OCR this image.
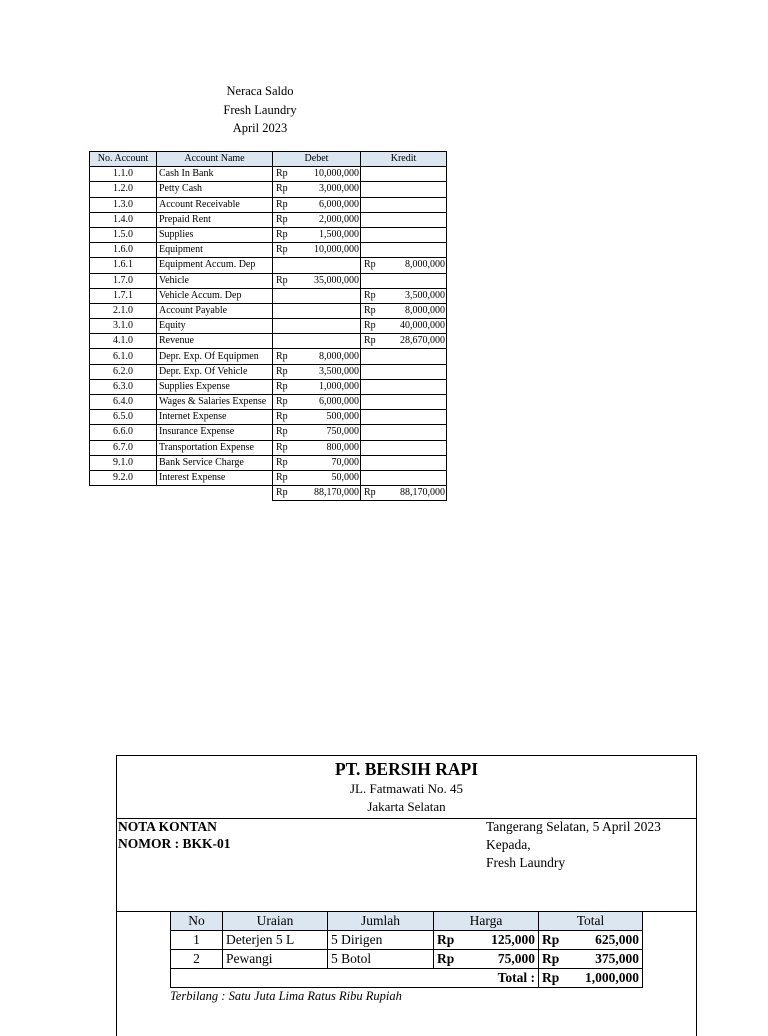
Neraca Saldo
Fresh Laundry
April 2023
No. Account	Account Name	Debet	Kredit
1.1.0	Cash In Bank	Rp 10,000,000	

1.2.0	Petty Cash	Rp 3,000,000	

1.3.0	Account Receivable	Rp 6,000,000	

1.4.0	Prepaid Rent	Rp 2,000,000	

1.5.0	Supplies	Rp 1,500,000	

1.6.0	Equipment	Rp 10,000,000	

1.6.1	Equipment Accum. Dep		Rp 8,000,000

1.7.0	Vehicle	Rp 35,000,000	

1.7.1	Vehicle Accum. Dep		Rp 3,500,000

2.1.0	Account Payable		Rp 8,000,000

3.1.0	Equity		Rp 40,000,000

4.1.0	Revenue		Rp 28,670,000

6.1.0	Depr. Exp. Of Equipmen	Rp 8,000,000	

6.2.0	Depr. Exp. Of Vehicle	Rp 3,500,000	

6.3.0	Supplies Expense	Rp 1,000,000	

6.4.0	Wages & Salaries Expense	Rp 6,000,000	

6.5.0	Internet Expense	Rp 500,000	

6.6.0	Insurance Expense	Rp 750,000	

6.7.0	Transportation Expense	Rp 800,000	

9.1.0	Bank Service Charge	Rp 70,000	

9.2.0	Interest Expense	Rp 50,000	

		Rp 88,170,000	Rp 88,170,000
PT. BERSIH RAPI
JL. Fatmawati No. 45
Jakarta Selatan
NOTA KONTAN
NOMOR : BKK-01
Tangerang Selatan, 5 April 2023
Kepada,
Fresh Laundry
No	Uraian	Jumlah	Harga	Total
1	Deterjen 5 L	5 Dirigen	Rp 125,000	Rp 625,000

2	Pewangi	5 Botol	Rp 75,000	Rp 375,000

Total :				Rp 1,000,000
Terbilang : Satu Juta Lima Ratus Ribu Rupiah
